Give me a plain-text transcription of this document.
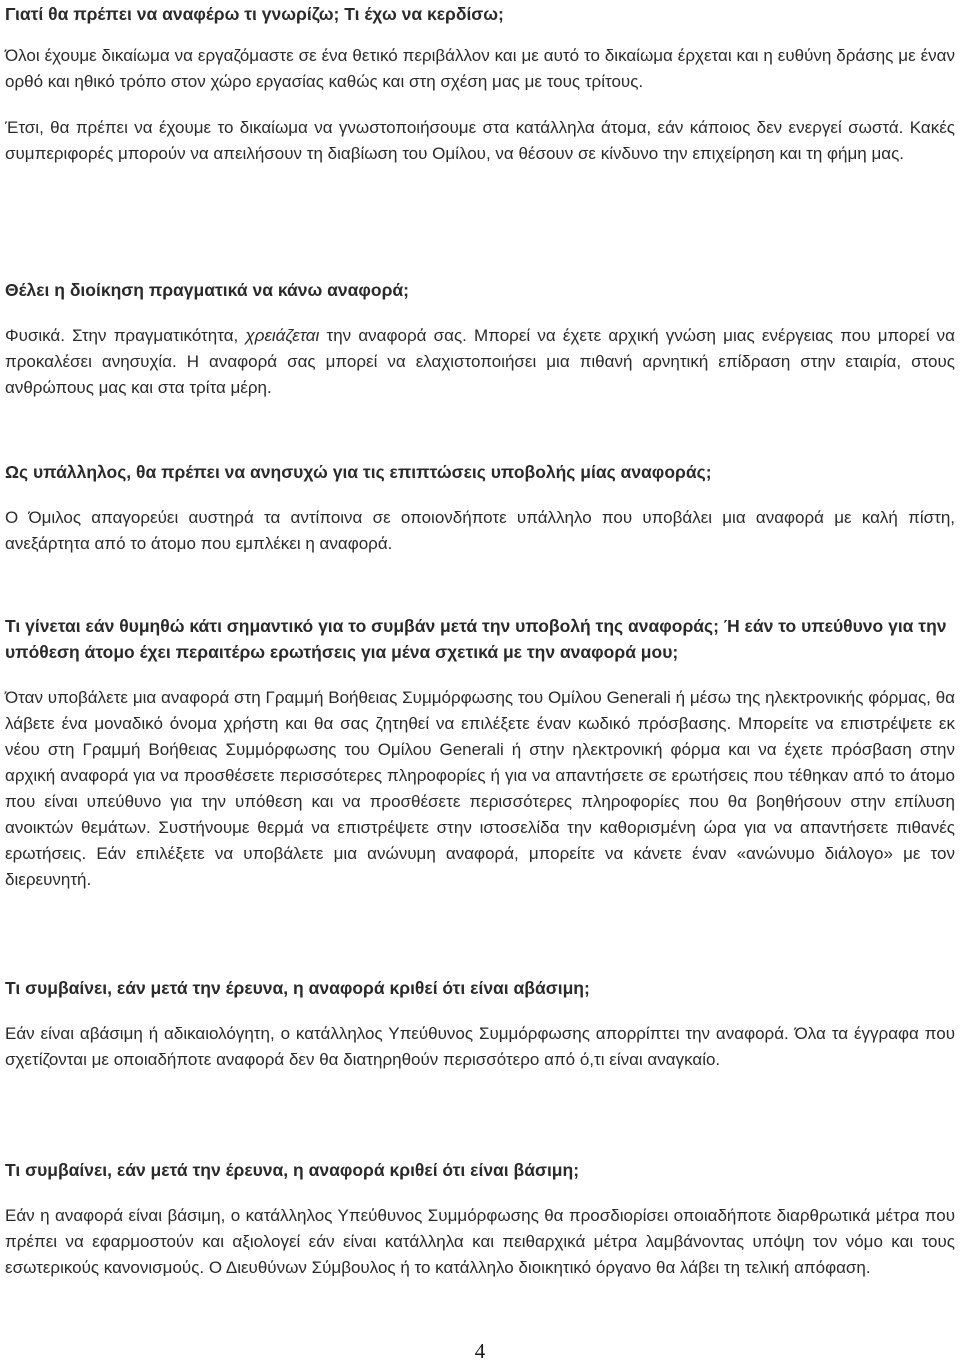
Γιατί θα πρέπει να αναφέρω τι γνωρίζω; Τι έχω να κερδίσω;

Όλοι έχουμε δικαίωμα να εργαζόμαστε σε ένα θετικό περιβάλλον και με αυτό το δικαίωμα έρχεται και η ευθύνη δράσης με έναν ορθό και ηθικό τρόπο στον χώρο εργασίας καθώς και στη σχέση μας με τους τρίτους.

Έτσι, θα πρέπει να έχουμε το δικαίωμα να γνωστοποιήσουμε στα κατάλληλα άτομα, εάν κάποιος δεν ενεργεί σωστά. Κακές συμπεριφορές μπορούν να απειλήσουν τη διαβίωση του Ομίλου, να θέσουν σε κίνδυνο την επιχείρηση και τη φήμη μας.

Θέλει η διοίκηση πραγματικά να κάνω αναφορά;

Φυσικά. Στην πραγματικότητα, χρειάζεται την αναφορά σας. Μπορεί να έχετε αρχική γνώση μιας ενέργειας που μπορεί να προκαλέσει ανησυχία. Η αναφορά σας μπορεί να ελαχιστοποιήσει μια πιθανή αρνητική επίδραση στην εταιρία, στους ανθρώπους μας και στα τρίτα μέρη.

Ως υπάλληλος, θα πρέπει να ανησυχώ για τις επιπτώσεις υποβολής μίας αναφοράς;

Ο Όμιλος απαγορεύει αυστηρά τα αντίποινα σε οποιονδήποτε υπάλληλο που υποβάλει μια αναφορά με καλή πίστη, ανεξάρτητα από το άτομο που εμπλέκει η αναφορά.

Τι γίνεται εάν θυμηθώ κάτι σημαντικό για το συμβάν μετά την υποβολή της αναφοράς; Ή εάν το υπεύθυνο για την υπόθεση άτομο έχει περαιτέρω ερωτήσεις για μένα σχετικά με την αναφορά μου;

Όταν υποβάλετε μια αναφορά στη Γραμμή Βοήθειας Συμμόρφωσης του Ομίλου Generali ή μέσω της ηλεκτρονικής φόρμας, θα λάβετε ένα μοναδικό όνομα χρήστη και θα σας ζητηθεί να επιλέξετε έναν κωδικό πρόσβασης. Μπορείτε να επιστρέψετε εκ νέου στη Γραμμή Βοήθειας Συμμόρφωσης του Ομίλου Generali ή στην ηλεκτρονική φόρμα και να έχετε πρόσβαση στην αρχική αναφορά για να προσθέσετε περισσότερες πληροφορίες ή για να απαντήσετε σε ερωτήσεις που τέθηκαν από το άτομο που είναι υπεύθυνο για την υπόθεση και να προσθέσετε περισσότερες πληροφορίες που θα βοηθήσουν στην επίλυση ανοικτών θεμάτων. Συστήνουμε θερμά να επιστρέψετε στην ιστοσελίδα την καθορισμένη ώρα για να απαντήσετε πιθανές ερωτήσεις. Εάν επιλέξετε να υποβάλετε μια ανώνυμη αναφορά, μπορείτε να κάνετε έναν «ανώνυμο διάλογο» με τον διερευνητή.

Τι συμβαίνει, εάν μετά την έρευνα, η αναφορά κριθεί ότι είναι αβάσιμη;

Εάν είναι αβάσιμη ή αδικαιολόγητη, ο κατάλληλος Υπεύθυνος Συμμόρφωσης απορρίπτει την αναφορά. Όλα τα έγγραφα που σχετίζονται με οποιαδήποτε αναφορά δεν θα διατηρηθούν περισσότερο από ό,τι είναι αναγκαίο.

Τι συμβαίνει, εάν μετά την έρευνα, η αναφορά κριθεί ότι είναι βάσιμη;

Εάν η αναφορά είναι βάσιμη, ο κατάλληλος Υπεύθυνος Συμμόρφωσης θα προσδιορίσει οποιαδήποτε διαρθρωτικά μέτρα που πρέπει να εφαρμοστούν και αξιολογεί εάν είναι κατάλληλα και πειθαρχικά μέτρα λαμβάνοντας υπόψη τον νόμο και τους εσωτερικούς κανονισμούς. Ο Διευθύνων Σύμβουλος ή το κατάλληλο διοικητικό όργανο θα λάβει τη τελική απόφαση.

4
